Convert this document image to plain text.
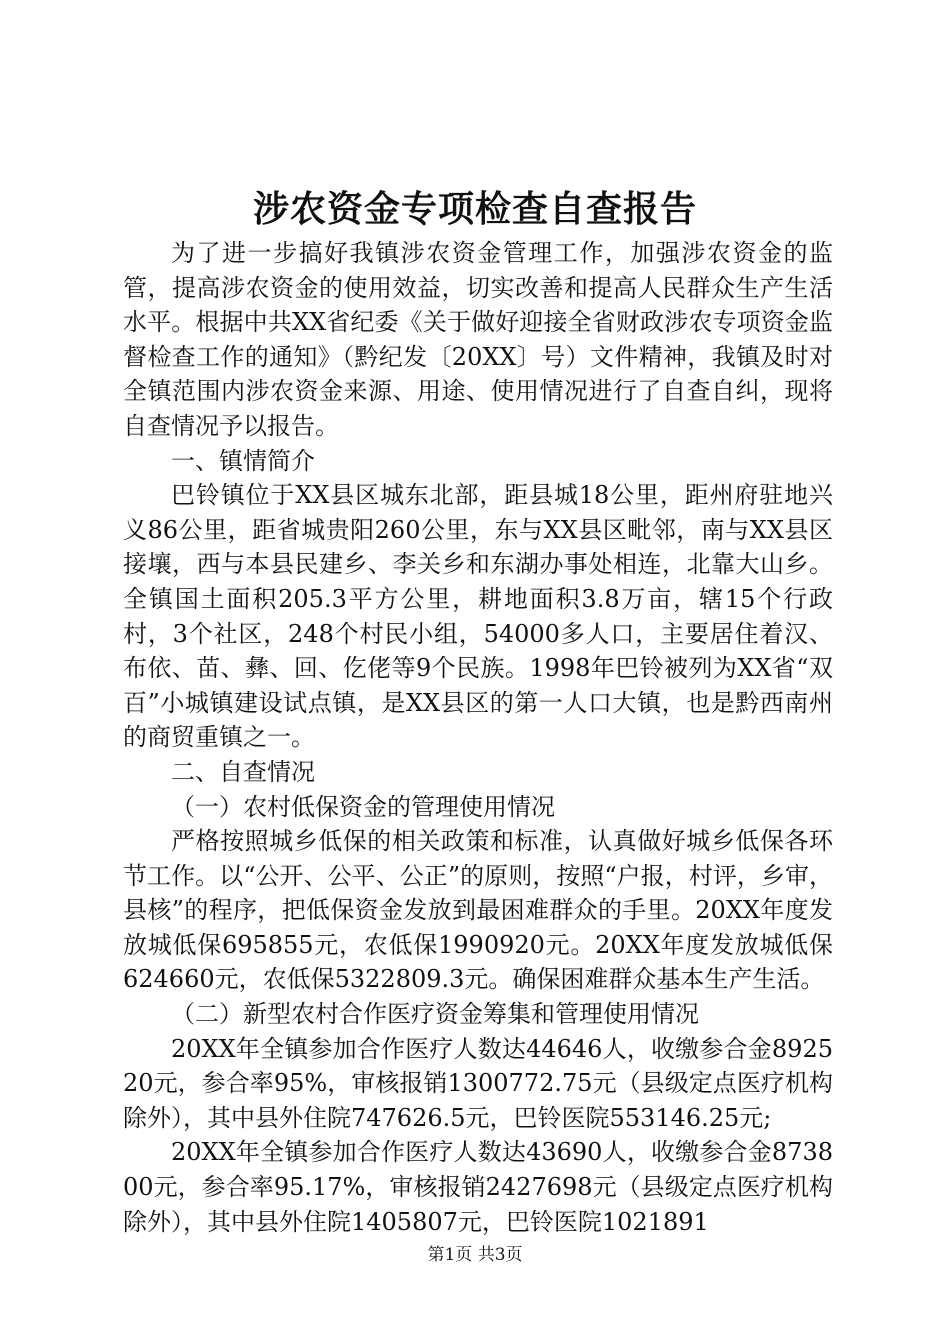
涉农资金专项检查自查报告

为了进一步搞好我镇涉农资金管理工作，加强涉农资金的监管，提高涉农资金的使用效益，切实改善和提高人民群众生产生活水平。根据中共XX省纪委《关于做好迎接全省财政涉农专项资金监督检查工作的通知》（黔纪发〔20XX〕号）文件精神，我镇及时对全镇范围内涉农资金来源、用途、使用情况进行了自查自纠，现将自查情况予以报告。

一、镇情简介

巴铃镇位于XX县区城东北部，距县城18公里，距州府驻地兴义86公里，距省城贵阳260公里，东与XX县区毗邻，南与XX县区接壤，西与本县民建乡、李关乡和东湖办事处相连，北靠大山乡。全镇国土面积205.3平方公里，耕地面积3.8万亩，辖15个行政村，3个社区，248个村民小组，54000多人口，主要居住着汉、布依、苗、彝、回、仡佬等9个民族。1998年巴铃被列为XX省“双百”小城镇建设试点镇，是XX县区的第一人口大镇，也是黔西南州的商贸重镇之一。

二、自查情况

（一）农村低保资金的管理使用情况

严格按照城乡低保的相关政策和标准，认真做好城乡低保各环节工作。以“公开、公平、公正”的原则，按照“户报，村评，乡审，县核”的程序，把低保资金发放到最困难群众的手里。20XX年度发放城低保695855元，农低保1990920元。20XX年度发放城低保624660元，农低保5322809.3元。确保困难群众基本生产生活。

（二）新型农村合作医疗资金筹集和管理使用情况

20XX年全镇参加合作医疗人数达44646人，收缴参合金892520元，参合率95%，审核报销1300772.75元（县级定点医疗机构除外），其中县外住院747626.5元，巴铃医院553146.25元;

20XX年全镇参加合作医疗人数达43690人，收缴参合金873800元，参合率95.17%，审核报销2427698元（县级定点医疗机构除外），其中县外住院1405807元，巴铃医院1021891

第1页 共3页
